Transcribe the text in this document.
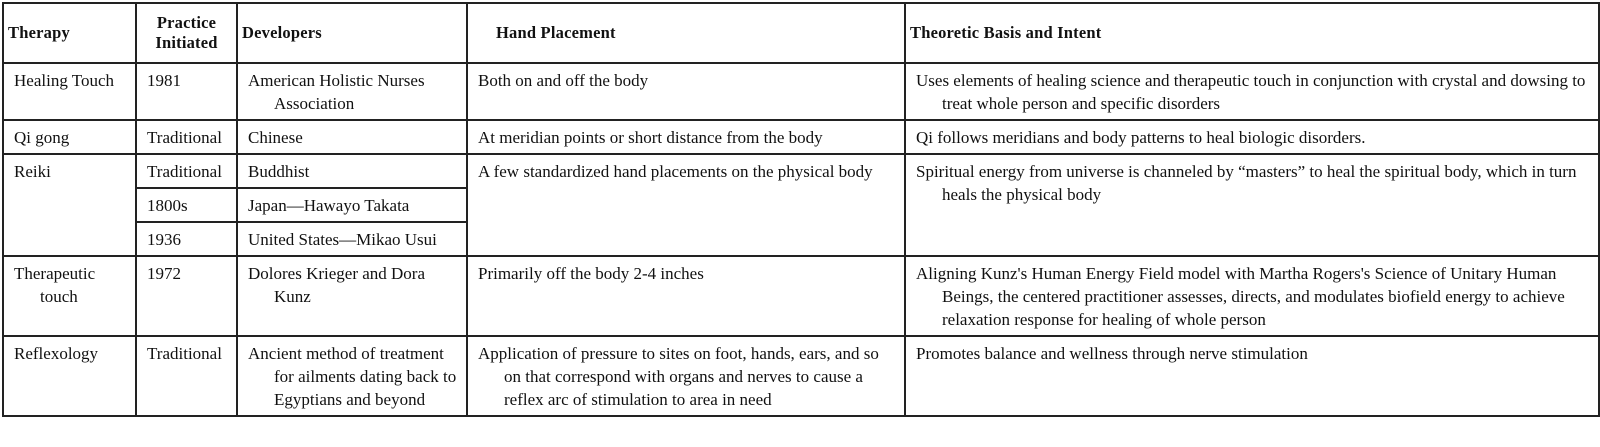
Therapy	Practice Initiated	Developers	Hand Placement	Theoretic Basis and Intent

Healing Touch	1981	American Holistic Nurses Association	Both on and off the body	Uses elements of healing science and therapeutic touch in conjunction with crystal and dowsing to treat whole person and specific disorders

Qi gong	Traditional	Chinese	At meridian points or short distance from the body	Qi follows meridians and body patterns to heal biologic disorders.

Reiki	Traditional	Buddhist	A few standardized hand placements on the physical body	Spiritual energy from universe is channeled by “masters” to heal the spiritual body, which in turn heals the physical body

	1800s	Japan—Hawayo Takata		

	1936	United States—Mikao Usui		

Therapeutic touch	1972	Dolores Krieger and Dora Kunz	Primarily off the body 2-4 inches	Aligning Kunz's Human Energy Field model with Martha Rogers's Science of Unitary Human Beings, the centered practitioner assesses, directs, and modulates biofield energy to achieve relaxation response for healing of whole person

Reflexology	Traditional	Ancient method of treatment for ailments dating back to Egyptians and beyond	Application of pressure to sites on foot, hands, ears, and so on that correspond with organs and nerves to cause a reflex arc of stimulation to area in need	Promotes balance and wellness through nerve stimulation
